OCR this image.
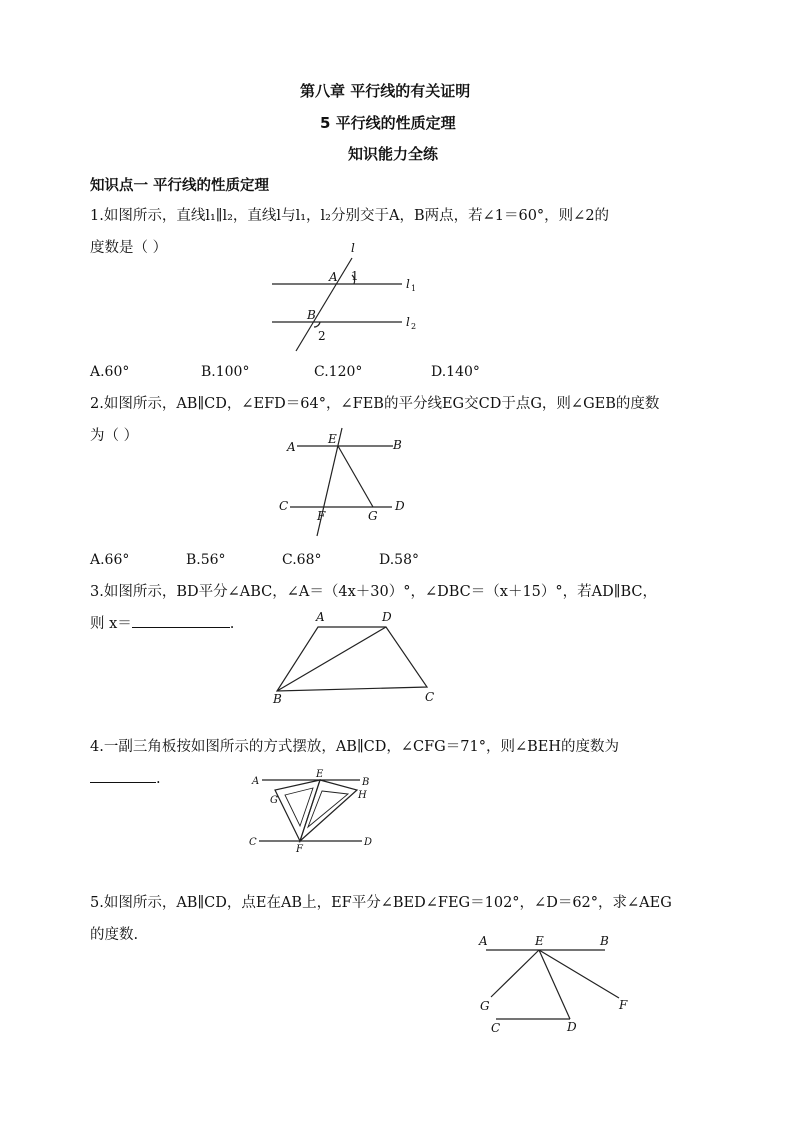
第八章 平行线的有关证明
5 平行线的性质定理
知识能力全练
知识点一 平行线的性质定理
1.如图所示，直线l₁∥l₂，直线l与l₁，l₂分别交于A，B两点，若∠1＝60°，则∠2的
度数是（ ）	l
A 1
l 1
B
2
l 2
A.60°	B.100°	C.120°	D.140°
2.如图所示，AB∥CD，∠EFD＝64°，∠FEB的平分线EG交CD于点G，则∠GEB的度数
为（ ）
A
E	B
C
F	G
D
A.66°	B.56°	C.68°	D.58°
3.如图所示，BD平分∠ABC，∠A＝（4x＋30）°，∠DBC＝（x＋15）°，若AD∥BC，
则 x＝	.	A	D
B	C
4.一副三角板按如图所示的方式摆放，AB∥CD，∠CFG＝71°，则∠BEH的度数为
.	A
E
B
G	H
C
F
D
5.如图所示，AB∥CD，点E在AB上，EF平分∠BED∠FEG＝102°，∠D＝62°，求∠AEG
的度数.	A	E	B
G	F
C	D
